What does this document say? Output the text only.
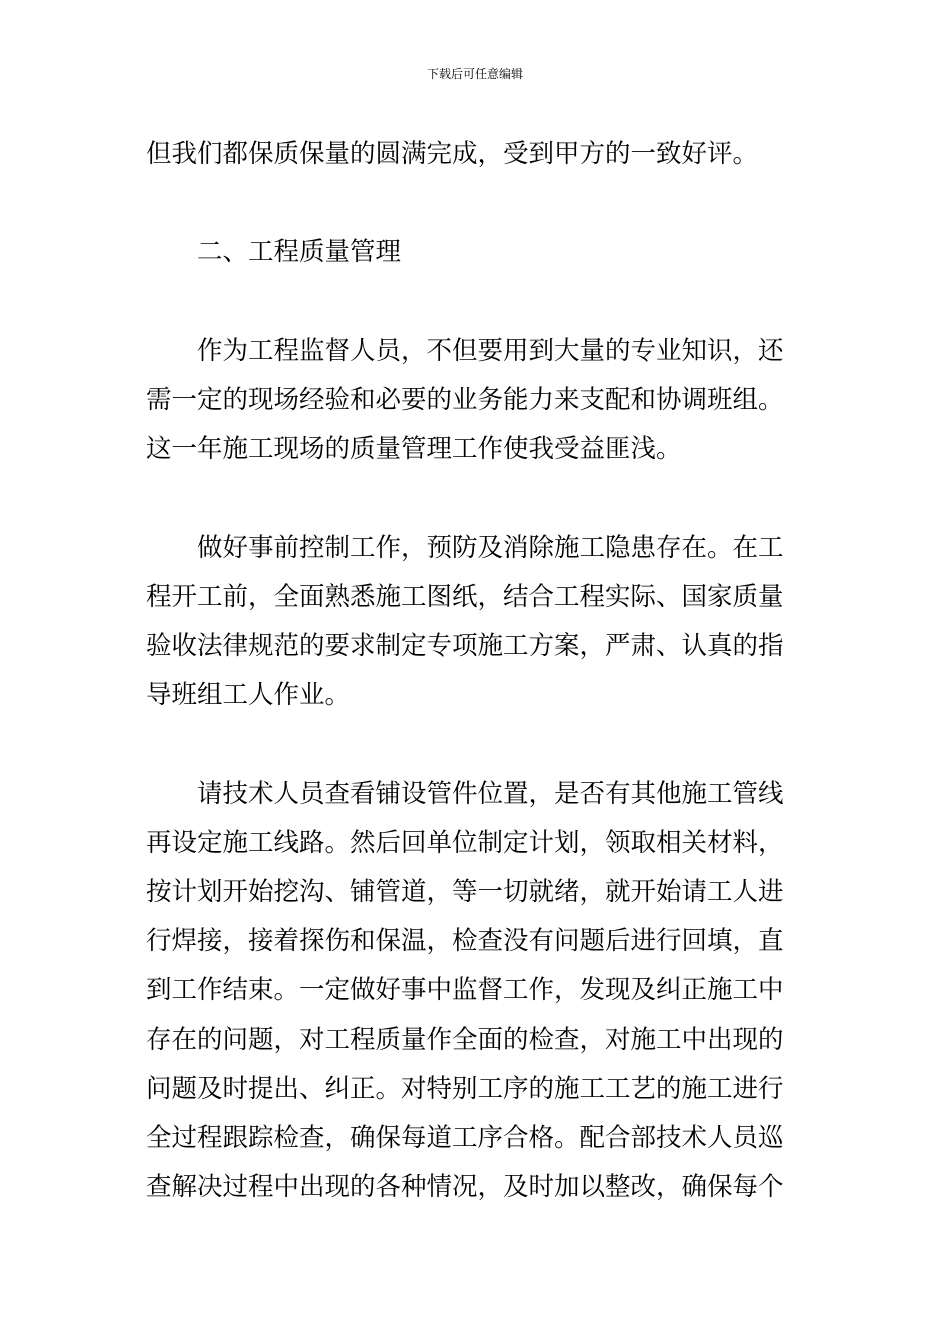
下载后可任意编辑

但我们都保质保量的圆满完成，受到甲方的一致好评。

　　二、工程质量管理

　　作为工程监督人员，不但要用到大量的专业知识，还
需一定的现场经验和必要的业务能力来支配和协调班组。
这一年施工现场的质量管理工作使我受益匪浅。

　　做好事前控制工作，预防及消除施工隐患存在。在工
程开工前，全面熟悉施工图纸，结合工程实际、国家质量
验收法律规范的要求制定专项施工方案，严肃、认真的指
导班组工人作业。

　　请技术人员查看铺设管件位置，是否有其他施工管线
再设定施工线路。然后回单位制定计划，领取相关材料，
按计划开始挖沟、铺管道，等一切就绪，就开始请工人进
行焊接，接着探伤和保温，检查没有问题后进行回填，直
到工作结束。一定做好事中监督工作，发现及纠正施工中
存在的问题，对工程质量作全面的检查，对施工中出现的
问题及时提出、纠正。对特别工序的施工工艺的施工进行
全过程跟踪检查，确保每道工序合格。配合部技术人员巡
查解决过程中出现的各种情况，及时加以整改，确保每个
